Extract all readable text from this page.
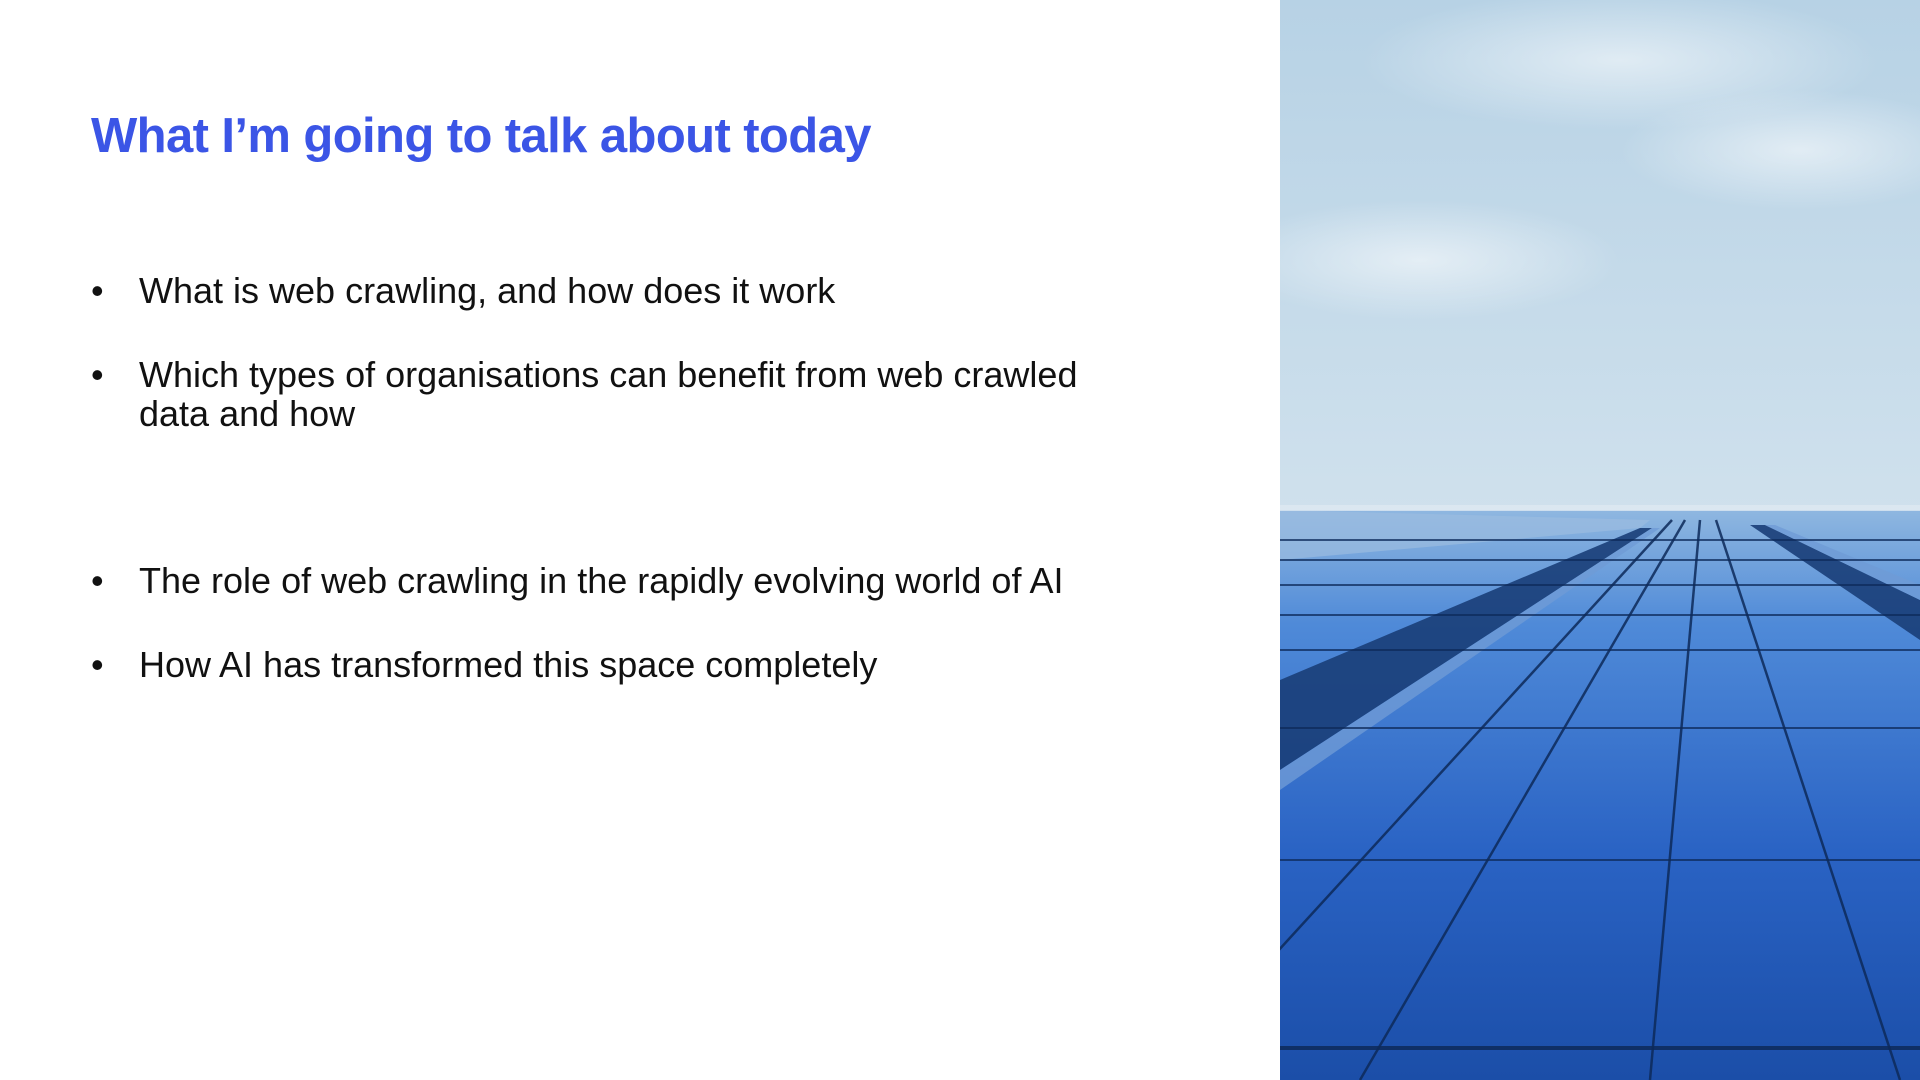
What I’m going to talk about today
• What is web crawling, and how does it work
• Which types of organisations can benefit from web crawled data and how
• The role of web crawling in the rapidly evolving world of AI
• How AI has transformed this space completely
